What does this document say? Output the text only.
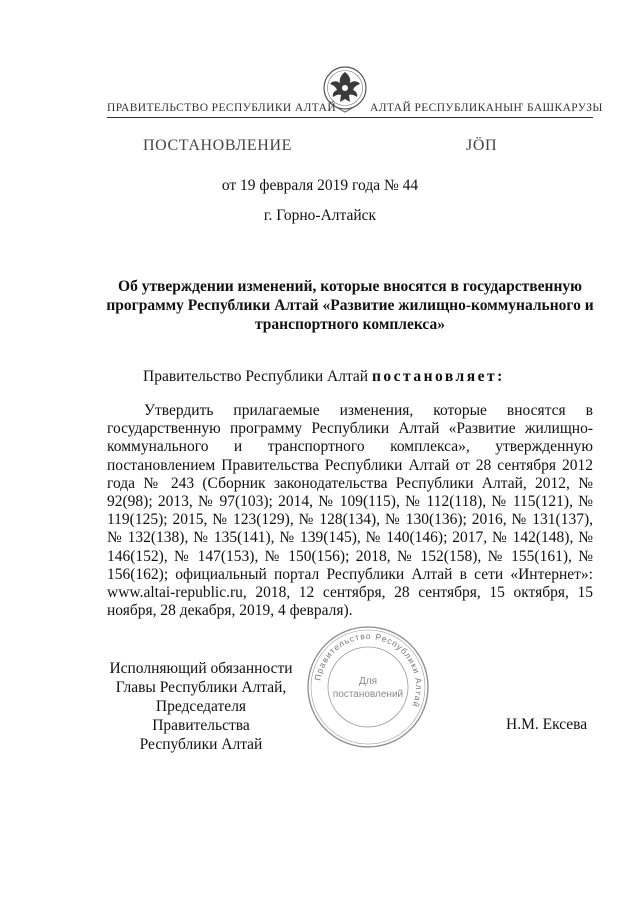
ПРАВИТЕЛЬСТВО РЕСПУБЛИКИ АЛТАЙ	АЛТАЙ РЕСПУБЛИКАНЫҤ БАШКАРУЗЫ
ПОСТАНОВЛЕНИЕ	ЈӦП
от 19 февраля 2019 года № 44
г. Горно-Алтайск
Об утверждении изменений, которые вносятся в государственную программу Республики Алтай «Развитие жилищно-коммунального и транспортного комплекса»
Правительство Республики Алтай постановляет:
Утвердить прилагаемые изменения, которые вносятся в государственную программу Республики Алтай «Развитие жилищно-коммунального и транспортного комплекса», утвержденную постановлением Правительства Республики Алтай от 28 сентября 2012 года № 243 (Сборник законодательства Республики Алтай, 2012, № 92(98); 2013, № 97(103); 2014, № 109(115), № 112(118), № 115(121), № 119(125); 2015, № 123(129), № 128(134), № 130(136); 2016, № 131(137), № 132(138), № 135(141), № 139(145), № 140(146); 2017, № 142(148), № 146(152), № 147(153), № 150(156); 2018, № 152(158), № 155(161), № 156(162); официальный портал Республики Алтай в сети «Интернет»: www.altai-republic.ru, 2018, 12 сентября, 28 сентября, 15 октября, 15 ноября, 28 декабря, 2019, 4 февраля).
Исполняющий обязанности
Главы Республики Алтай,
Председателя Правительства
Республики Алтай
Правительство Республики Алтай
Для
постановлений
Н.М. Ексева
